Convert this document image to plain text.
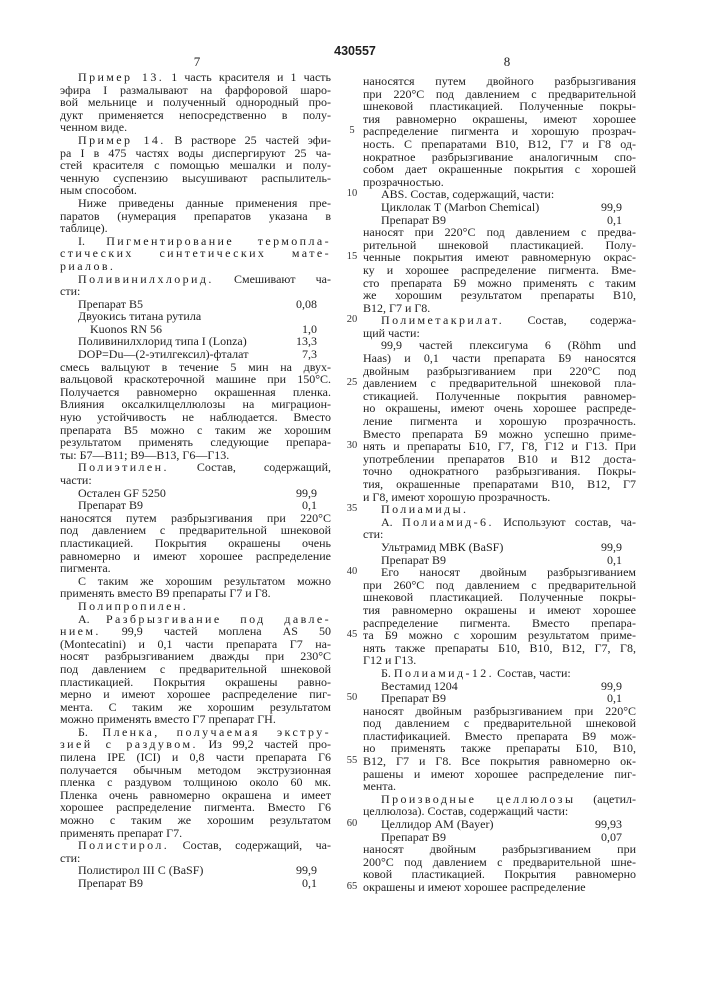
430557
7	8
Пример 13. 1 часть красителя и 1 часть
эфира I размалывают на фарфоровой шаро-
вой мельнице и полученный однородный про-
дукт применяется непосредственно в полу-
ченном виде.
Пример 14. В растворе 25 частей эфи-
ра I в 475 частях воды диспергируют 25 ча-
стей красителя с помощью мешалки и полу-
ченную суспензию высушивают распылитель-
ным способом.
Ниже приведены данные применения пре-
паратов (нумерация препаратов указана в
таблице).
I. Пигментирование термопла-
стических синтетических мате-
риалов.
Поливинилхлорид. Смешивают ча-
сти:
Препарат В5	0,08
Двуокись титана рутила
Kuonos RN 56	1,0
Поливинилхлорид типа I (Lonza)	13,3
DOP=Du—(2-этилгексил)-фталат	7,3
смесь вальцуют в течение 5 мин на двух-
вальцовой краскотерочной машине при 150°С.
Получается равномерно окрашенная пленка.
Влияния оксалкилцеллюлозы на миграцион-
ную устойчивость не наблюдается. Вместо
препарата В5 можно с таким же хорошим
результатом применять следующие препара-
ты: Б7—В11; В9—В13, Г6—Г13.
Полиэтилен. Состав, содержащий,
части:
Осталeн GF 5250	99,9
Препарат В9	0,1
наносятся путем разбрызгивания при 220°С
под давлением с предварительной шнековой
пластикацией. Покрытия окрашены очень
равномерно и имеют хорошее распределение
пигмента.
С таким же хорошим результатом можно
применять вместо В9 препараты Г7 и Г8.
Полипропилен.
А. Разбрызгивание под давле-
нием. 99,9 частей моплена AS 50
(Montecatini) и 0,1 части препарата Г7 на-
носят разбрызгиванием дважды при 230°С
под давлением с предварительной шнековой
пластикацией. Покрытия окрашены равно-
мерно и имеют хорошее распределение пиг-
мента. С таким же хорошим результатом
можно применять вместо Г7 препарат ГН.
Б. Пленка, получаемая экстру-
зией с раздувом. Из 99,2 частей про-
пилена IPE (ICI) и 0,8 части препарата Г6
получается обычным методом экструзионная
пленка с раздувом толщиною около 60 мк.
Пленка очень равномерно окрашена и имеет
хорошее распределение пигмента. Вместо Г6
можно с таким же хорошим результатом
применять препарат Г7.
Полистирол. Состав, содержащий, ча-
сти:
Полистирол III С (BaSF)	99,9
Препарат В9	0,1
наносятся путем двойного разбрызгивания
при 220°С под давлением с предварительной
шнековой пластикацией. Полученные покры-
тия равномерно окрашены, имеют хорошее
распределение пигмента и хорошую прозрач-
ность. С препаратами В10, В12, Г7 и Г8 од-
нократное разбрызгивание аналогичным спо-
собом дает окрашенные покрытия с хорошей
прозрачностью.
ABS. Состав, содержащий, части:
Циклолак Т (Marbon Chemical)	99,9
Препарат В9	0,1
наносят при 220°С под давлением с предва-
рительной шнековой пластикацией. Полу-
ченные покрытия имеют равномерную окрас-
ку и хорошее распределение пигмента. Вме-
сто препарата Б9 можно применять с таким
же хорошим результатом препараты В10,
В12, Г7 и Г8.
Полиметакрилат. Состав, содержа-
щий части:
99,9 частей плексигума 6 (Röhm und
Haas) и 0,1 части препарата Б9 наносятся
двойным разбрызгиванием при 220°С под
давлением с предварительной шнековой пла-
стикацией. Полученные покрытия равномер-
но окрашены, имеют очень хорошее распреде-
ление пигмента и хорошую прозрачность.
Вместо препарата Б9 можно успешно приме-
нять и препараты Б10, Г7, Г8, Г12 и Г13. При
употреблении препаратов В10 и В12 доста-
точно однократного разбрызгивания. Покры-
тия, окрашенные препаратами В10, В12, Г7
и Г8, имеют хорошую прозрачность.
Полиамиды.
А. Полиамид-6. Используют состав, ча-
сти:
Ультрамид МВК (BaSF)	99,9
Препарат В9	0,1
Его наносят двойным разбрызгиванием
при 260°С под давлением с предварительной
шнековой пластикацией. Полученные покры-
тия равномерно окрашены и имеют хорошее
распределение пигмента. Вместо препара-
та Б9 можно с хорошим результатом приме-
нять также препараты Б10, В10, В12, Г7, Г8,
Г12 и Г13.
Б. Полиамид-12. Состав, части:
Вестамид 1204	99,9
Препарат В9	0,1
наносят двойным разбрызгиванием при 220°С
под давлением с предварительной шнековой
пластификацией. Вместо препарата В9 мож-
но применять также препараты Б10, В10,
В12, Г7 и Г8. Все покрытия равномерно ок-
рашены и имеют хорошее распределение пиг-
мента.
Производные целлюлозы (ацетил-
целлюлоза). Состав, содержащий части:
Целлидор АМ (Bayer)	99,93
Препарат В9	0,07
наносят двойным разбрызгиванием при
200°С под давлением с предварительной шне-
ковой пластикацией. Покрытия равномерно
окрашены и имеют хорошее распределение
5
10
15
20
25
30
35
40
45
50
55
60
65
